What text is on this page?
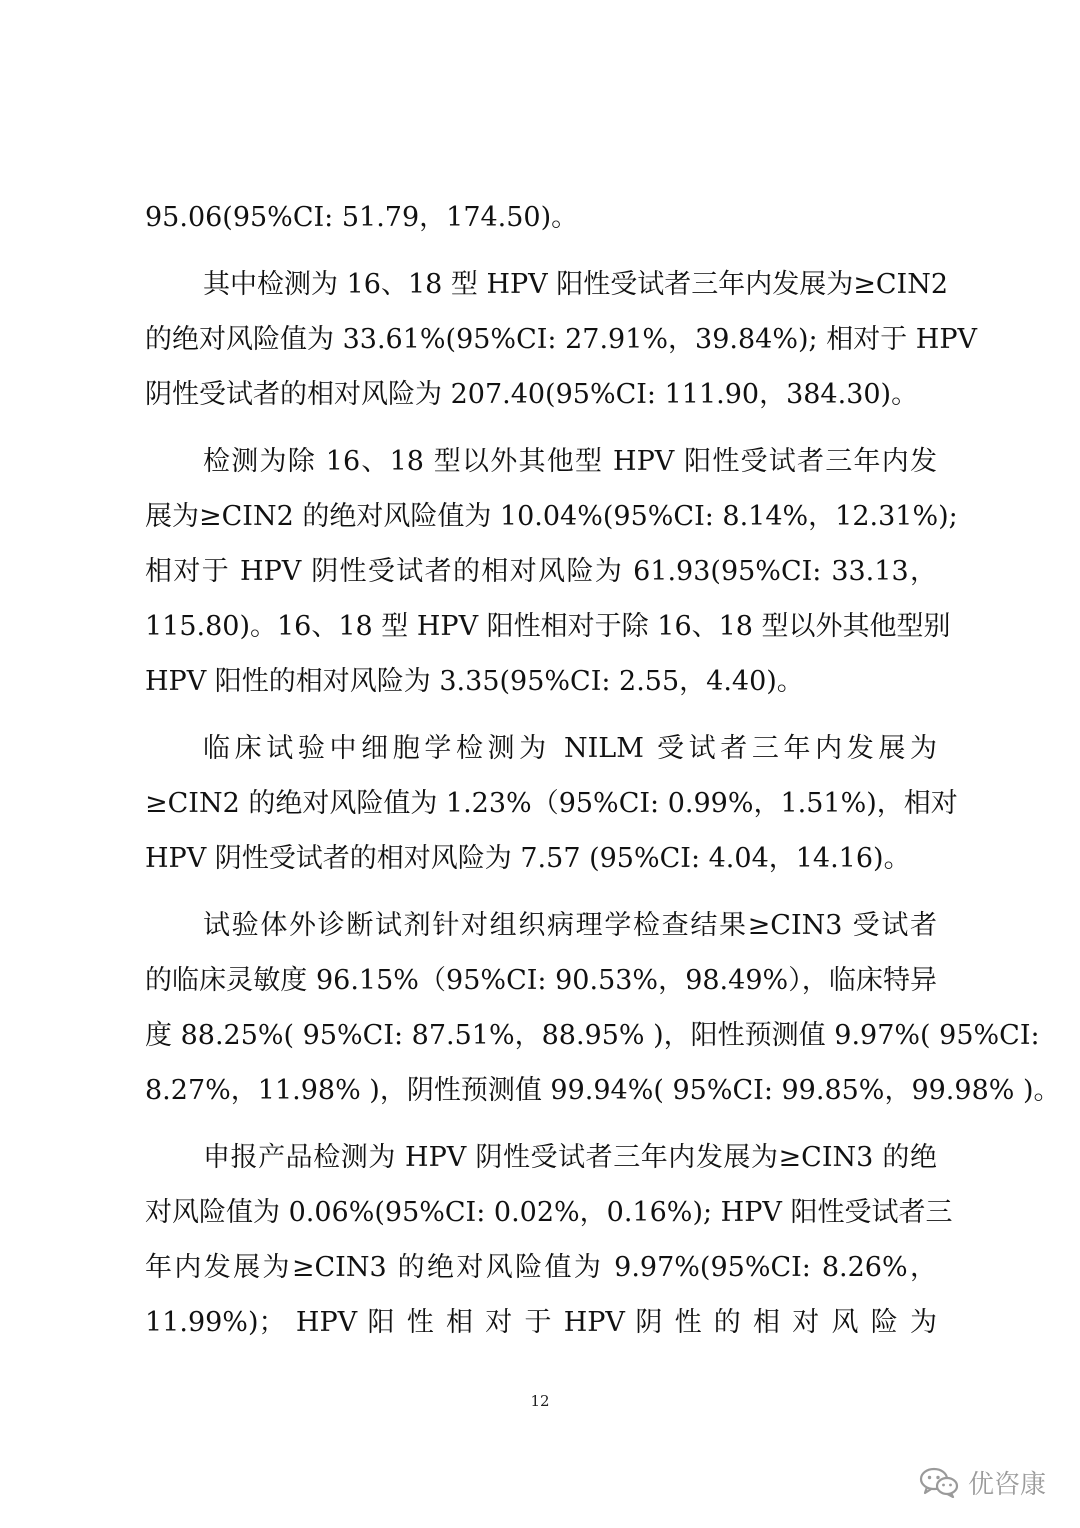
95.06(95%CI: 51.79，174.50)。
其中检测为 16、18 型 HPV 阳性受试者三年内发展为≥CIN2
的绝对风险值为 33.61%(95%CI: 27.91%，39.84%); 相对于 HPV
阴性受试者的相对风险为 207.40(95%CI: 111.90，384.30)。
检测为除 16、18 型以外其他型 HPV 阳性受试者三年内发
展为≥CIN2 的绝对风险值为 10.04%(95%CI: 8.14%，12.31%);
相对于 HPV 阴性受试者的相对风险为 61.93(95%CI: 33.13，
115.80)。16、18 型 HPV 阳性相对于除 16、18 型以外其他型别
HPV 阳性的相对风险为 3.35(95%CI: 2.55，4.40)。
临床试验中细胞学检测为 NILM 受试者三年内发展为
≥CIN2 的绝对风险值为 1.23%（95%CI: 0.99%，1.51%)，相对
HPV 阴性受试者的相对风险为 7.57 (95%CI: 4.04，14.16)。
试验体外诊断试剂针对组织病理学检查结果≥CIN3 受试者
的临床灵敏度 96.15%（95%CI: 90.53%，98.49%），临床特异
度 88.25%( 95%CI: 87.51%，88.95% )，阳性预测值 9.97%( 95%CI:
8.27%，11.98% )，阴性预测值 99.94%( 95%CI: 99.85%，99.98% )。
申报产品检测为 HPV 阴性受试者三年内发展为≥CIN3 的绝
对风险值为 0.06%(95%CI: 0.02%，0.16%); HPV 阳性受试者三
年内发展为≥CIN3 的绝对风险值为 9.97%(95%CI: 8.26%，
11.99%)； HPV 阳 性 相 对 于 HPV 阴 性 的 相 对 风 险 为
12
优咨康
